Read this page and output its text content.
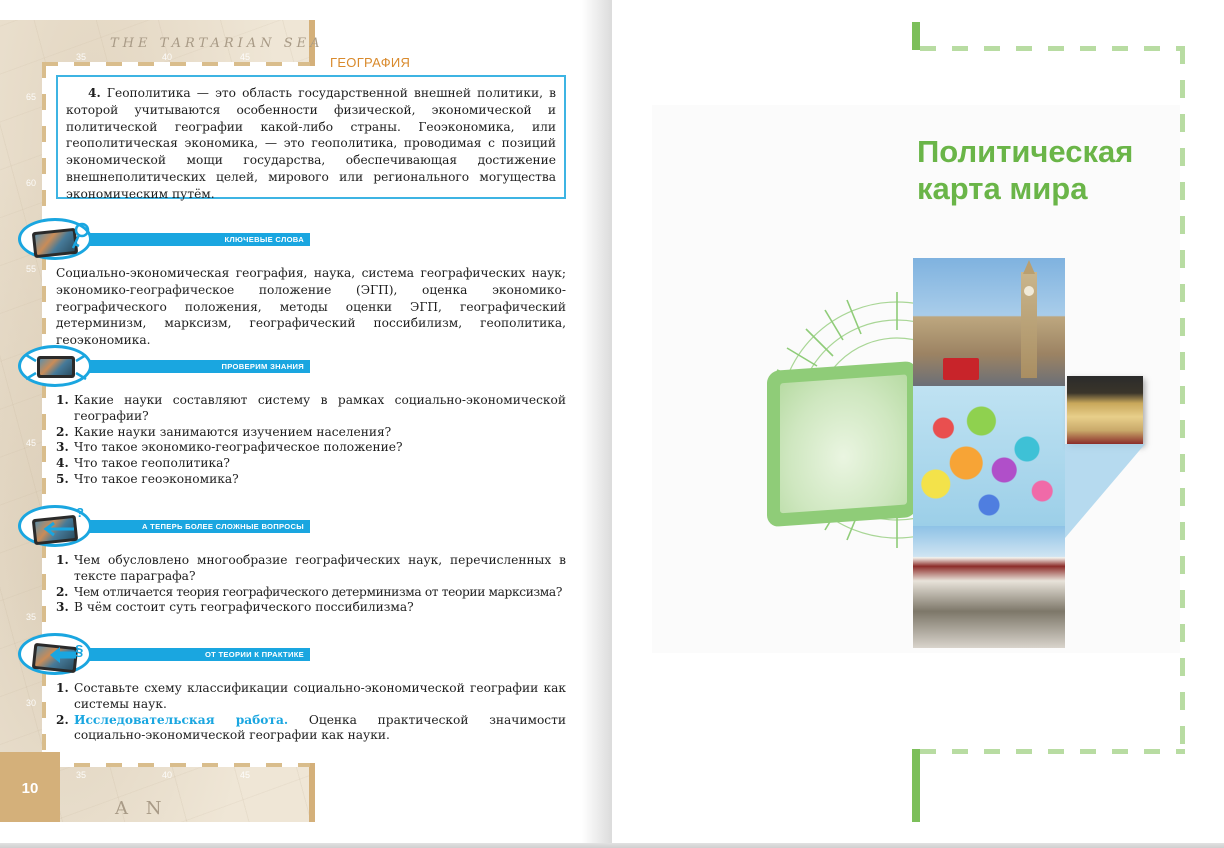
THE TARTARIAN SEA
35	40	45
65
60
55
45
35
30
35	40	45
A N
10
ГЕОГРАФИЯ

4. Геополитика — это область государственной внешней политики, в которой учитываются особенности физической, экономической и политической географии какой-либо страны. Геоэкономика, или геополитическая экономика, — это геополитика, проводимая с позиций экономической мощи государства, обеспечивающая достижение внешнеполитических целей, мирового или регионального могущества экономическим путём.

КЛЮЧЕВЫЕ СЛОВА

Социально-экономическая география, наука, система географических наук; экономико-географическое положение (ЭГП), оценка экономико-географического положения, методы оценки ЭГП, географический детерминизм, марксизм, географический поссибилизм, геополитика, геоэкономика.

ПРОВЕРИМ ЗНАНИЯ
1. Какие науки составляют систему в рамках социально-экономической географии?
2. Какие науки занимаются изучением населения?
3. Что такое экономико-географическое положение?
4. Что такое геополитика?
5. Что такое геоэкономика?
А ТЕПЕРЬ БОЛЕЕ СЛОЖНЫЕ ВОПРОСЫ
?
1. Чем обусловлено многообразие географических наук, перечисленных в тексте параграфа?
2. Чем отличается теория географического детерминизма от теории марксизма?
3. В чём состоит суть географического поссибилизма?
ОТ ТЕОРИИ К ПРАКТИКЕ
§
1. Составьте схему классификации социально-экономической географии как системы наук.
2. Исследовательская работа. Оценка практической значимости социально-экономической географии как науки.
Политическая
карта мира
